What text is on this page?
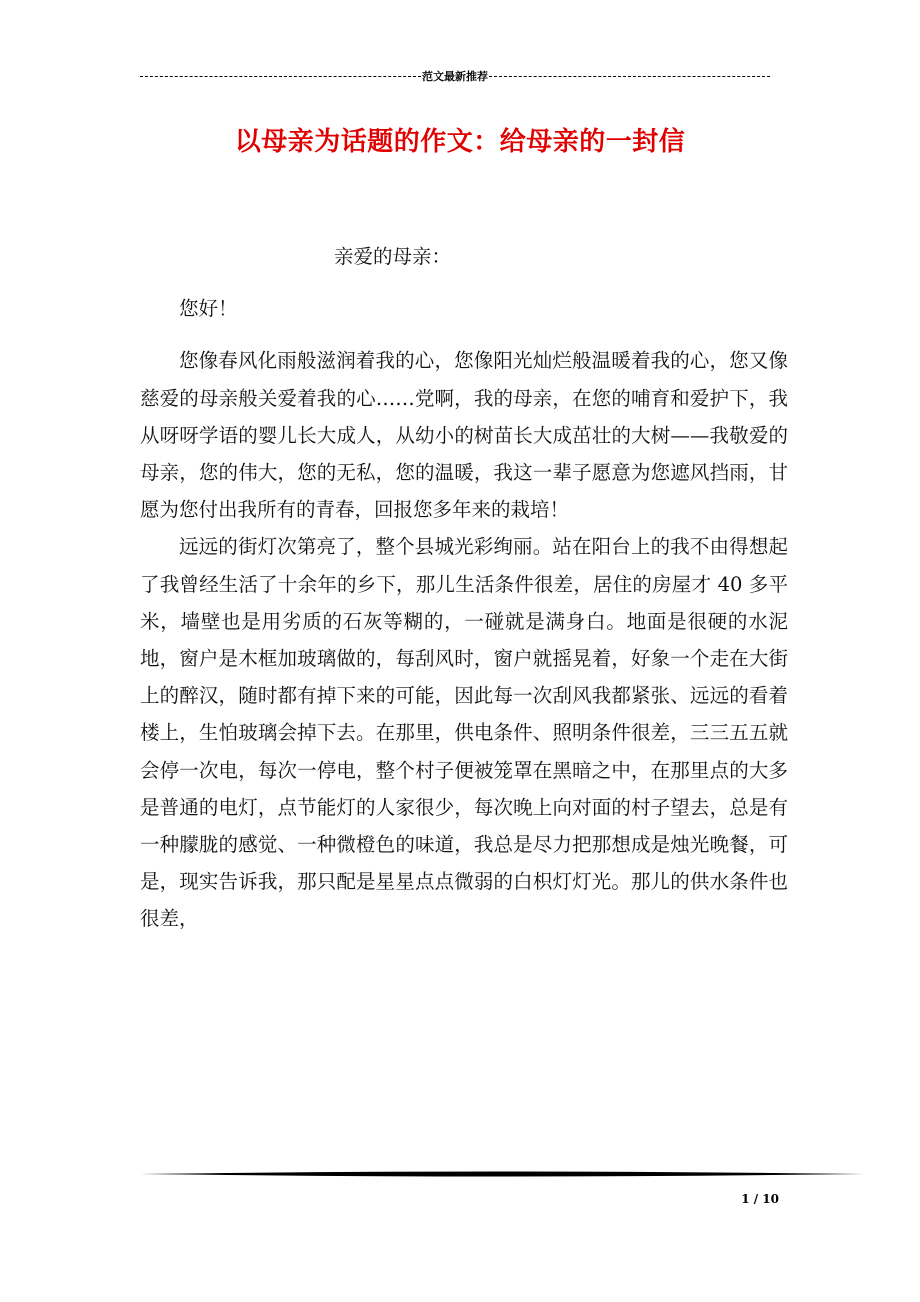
范文最新推荐
以母亲为话题的作文：给母亲的一封信

亲爱的母亲：

您好！

您像春风化雨般滋润着我的心，您像阳光灿烂般温暖着我的心，您又像慈爱的母亲般关爱着我的心……党啊，我的母亲，在您的哺育和爱护下，我从呀呀学语的婴儿长大成人，从幼小的树苗长大成茁壮的大树——我敬爱的母亲，您的伟大，您的无私，您的温暖，我这一辈子愿意为您遮风挡雨，甘愿为您付出我所有的青春，回报您多年来的栽培！

远远的街灯次第亮了，整个县城光彩绚丽。站在阳台上的我不由得想起了我曾经生活了十余年的乡下，那儿生活条件很差，居住的房屋才 40 多平米，墙壁也是用劣质的石灰等糊的，一碰就是满身白。地面是很硬的水泥地，窗户是木框加玻璃做的，每刮风时，窗户就摇晃着，好象一个走在大街上的醉汉，随时都有掉下来的可能，因此每一次刮风我都紧张、远远的看着楼上，生怕玻璃会掉下去。在那里，供电条件、照明条件很差，三三五五就会停一次电，每次一停电，整个村子便被笼罩在黑暗之中，在那里点的大多是普通的电灯，点节能灯的人家很少，每次晚上向对面的村子望去，总是有一种朦胧的感觉、一种微橙色的味道，我总是尽力把那想成是烛光晚餐，可是，现实告诉我，那只配是星星点点微弱的白枳灯灯光。那儿的供水条件也很差，

1 / 10
